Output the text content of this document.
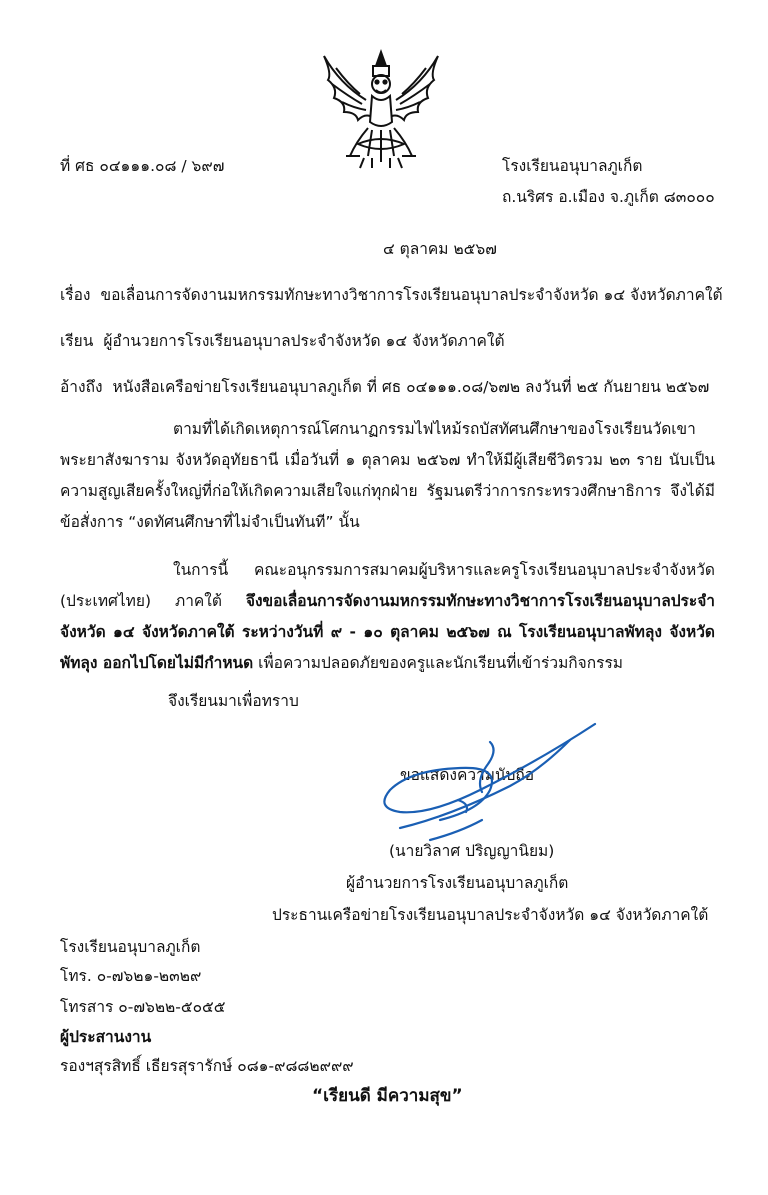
ที่ ศธ ๐๔๑๑๑.๐๘ / ๖๙๗	โรงเรียนอนุบาลภูเก็ต
ถ.นริศร อ.เมือง จ.ภูเก็ต ๘๓๐๐๐
๔ ตุลาคม ๒๕๖๗
เรื่อง ขอเลื่อนการจัดงานมหกรรมทักษะทางวิชาการโรงเรียนอนุบาลประจำจังหวัด ๑๔ จังหวัดภาคใต้
เรียน ผู้อำนวยการโรงเรียนอนุบาลประจำจังหวัด ๑๔ จังหวัดภาคใต้
อ้างถึง หนังสือเครือข่ายโรงเรียนอนุบาลภูเก็ต ที่ ศธ ๐๔๑๑๑.๐๘/๖๗๒ ลงวันที่ ๒๕ กันยายน ๒๕๖๗
ตามที่ได้เกิดเหตุการณ์โศกนาฏกรรมไฟไหม้รถบัสทัศนศึกษาของโรงเรียนวัดเขาพระยาสังฆาราม จังหวัดอุทัยธานี เมื่อวันที่ ๑ ตุลาคม ๒๕๖๗ ทำให้มีผู้เสียชีวิตรวม ๒๓ ราย นับเป็นความสูญเสียครั้งใหญ่ที่ก่อให้เกิดความเสียใจแก่ทุกฝ่าย รัฐมนตรีว่าการกระทรวงศึกษาธิการ จึงได้มีข้อสั่งการ “งดทัศนศึกษาที่ไม่จำเป็นทันที” นั้น
ในการนี้ คณะอนุกรรมการสมาคมผู้บริหารและครูโรงเรียนอนุบาลประจำจังหวัด (ประเทศไทย) ภาคใต้ จึงขอเลื่อนการจัดงานมหกรรมทักษะทางวิชาการโรงเรียนอนุบาลประจำจังหวัด ๑๔ จังหวัดภาคใต้ ระหว่างวันที่ ๙ - ๑๐ ตุลาคม ๒๕๖๗ ณ โรงเรียนอนุบาลพัทลุง จังหวัดพัทลุง ออกไปโดยไม่มีกำหนด เพื่อความปลอดภัยของครูและนักเรียนที่เข้าร่วมกิจกรรม
จึงเรียนมาเพื่อทราบ
ขอแสดงความนับถือ
(นายวิลาศ ปริญญานิยม)
ผู้อำนวยการโรงเรียนอนุบาลภูเก็ต
ประธานเครือข่ายโรงเรียนอนุบาลประจำจังหวัด ๑๔ จังหวัดภาคใต้
โรงเรียนอนุบาลภูเก็ต
โทร. ๐-๗๖๒๑-๒๓๒๙
โทรสาร ๐-๗๖๒๒-๕๐๕๕
ผู้ประสานงาน
รองฯสุรสิทธิ์ เธียรสุรารักษ์ ๐๘๑-๙๘๘๒๙๙๙
“เรียนดี มีความสุข”
